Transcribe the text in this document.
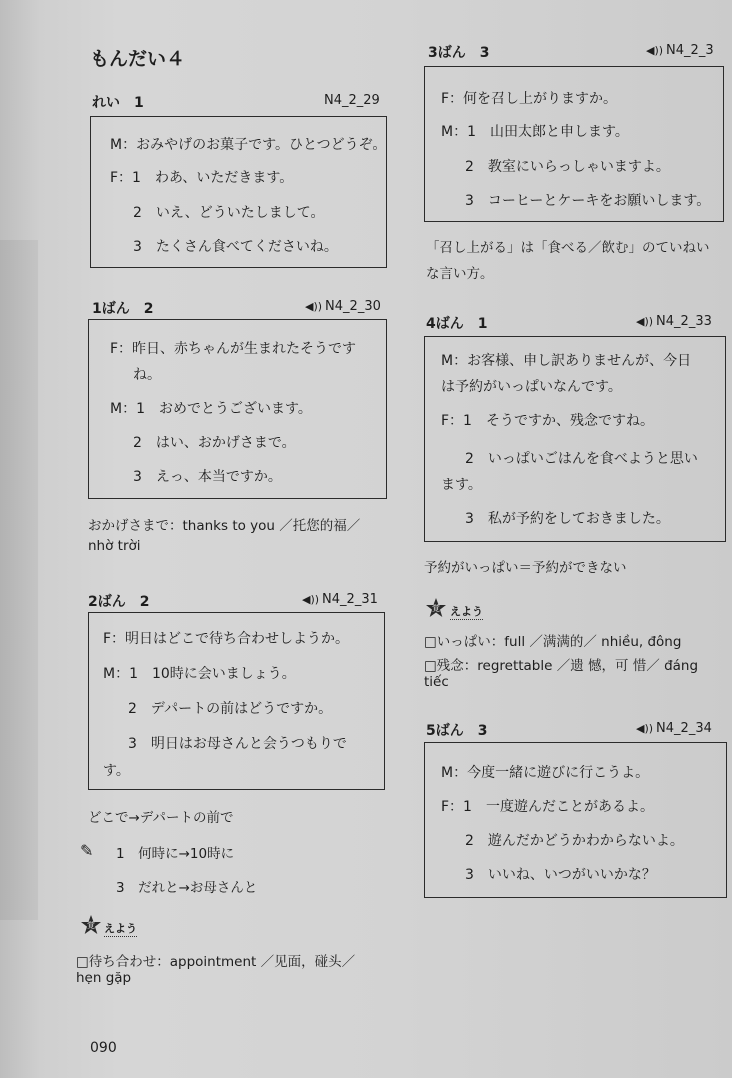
もんだい４
れい 1	N4_2_29
M：おみやげのお菓子です。ひとつどうぞ。
F：1　わあ、いただきます。
2　いえ、どういたしまして。
3　たくさん食べてくださいね。
1ばん 2	◀)) N4_2_30
F：昨日、赤ちゃんが生まれたそうです
ね。
M：1　おめでとうございます。
2　はい、おかげさまで。
3　えっ、本当ですか。
おかげさまで：thanks to you ／托您的福／
nhờ trời
2ばん 2	◀)) N4_2_31
F：明日はどこで待ち合わせしようか。
M：1　10時に会いましょう。
2　デパートの前はどうですか。
3　明日はお母さんと会うつもりで
す。
どこで→デパートの前で
✎ 1　何時に→10時に
3　だれと→お母さんと
覚 えよう
□待ち合わせ：appointment ／见面，碰头／
hẹn gặp
090
3ばん 3	◀)) N4_2_3
F：何を召し上がりますか。
M：1　山田太郎と申します。
2　教室にいらっしゃいますよ。
3　コーヒーとケーキをお願いします。
「召し上がる」は「食べる／飲む」のていねい
な言い方。
4ばん 1	◀)) N4_2_33
M：お客様、申し訳ありませんが、今日
は予約がいっぱいなんです。
F：1　そうですか、残念ですね。
2　いっぱいごはんを食べようと思い
ます。
3　私が予約をしておきました。
予約がいっぱい＝予約ができない
覚 えよう
□いっぱい：full ／满满的／ nhiều, đông
□残念：regrettable ／遗 憾，可 惜／ đáng
tiếc
5ばん 3	◀)) N4_2_34
M：今度一緒に遊びに行こうよ。
F：1　一度遊んだことがあるよ。
2　遊んだかどうかわからないよ。
3　いいね、いつがいいかな？
